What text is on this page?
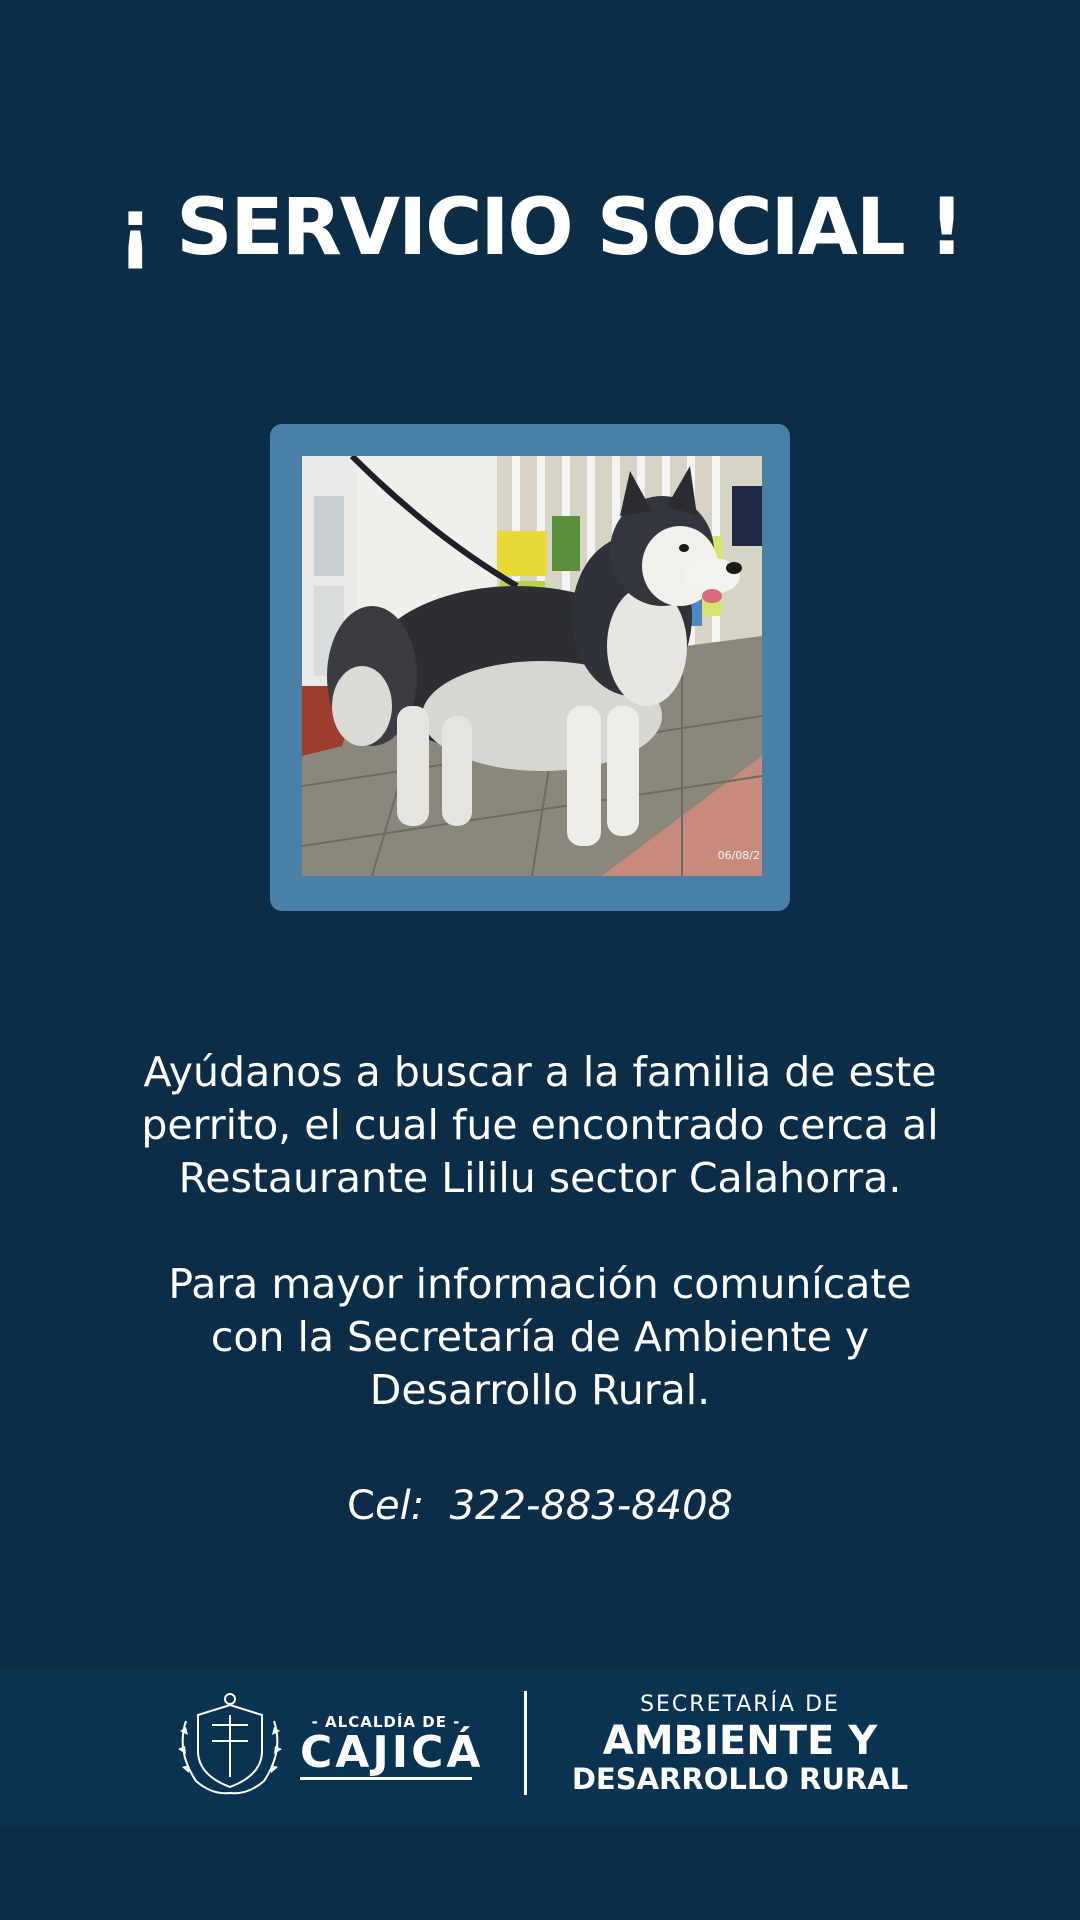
¡ SERVICIO SOCIAL !
06/08/2

Ayúdanos a buscar a la familia de este

perrito, el cual fue encontrado cerca al

Restaurante Lililu sector Calahorra.

Para mayor información comunícate

con la Secretaría de Ambiente y

Desarrollo Rural.

Cel: 322-883-8408
- ALCALDÍA DE -
CAJICÁ
SECRETARÍA DE
AMBIENTE Y
DESARROLLO RURAL
